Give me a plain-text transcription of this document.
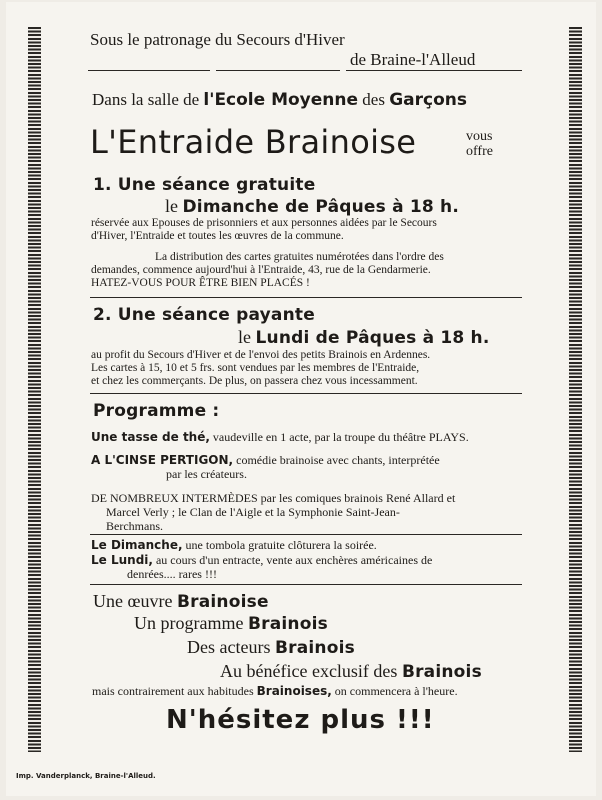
Sous le patronage du Secours d'Hiver
de Braine-l'Alleud
Dans la salle de l'Ecole Moyenne des Garçons
L'Entraide Brainoise	vous
offre
1. Une séance gratuite
le Dimanche de Pâques à 18 h.
réservée aux Epouses de prisonniers et aux personnes aidées par le Secours
d'Hiver, l'Entraide et toutes les œuvres de la commune.
La distribution des cartes gratuites numérotées dans l'ordre des
demandes, commence aujourd'hui à l'Entraide, 43, rue de la Gendarmerie.
HATEZ-VOUS POUR ÊTRE BIEN PLACÉS !
2. Une séance payante
le Lundi de Pâques à 18 h.
au profit du Secours d'Hiver et de l'envoi des petits Brainois en Ardennes.
Les cartes à 15, 10 et 5 frs. sont vendues par les membres de l'Entraide,
et chez les commerçants. De plus, on passera chez vous incessamment.
Programme :
Une tasse de thé, vaudeville en 1 acte, par la troupe du théâtre PLAYS.
A L'CINSE PERTIGON, comédie brainoise avec chants, interprétée
par les créateurs.
DE NOMBREUX INTERMÈDES par les comiques brainois René Allard et
Marcel Verly ; le Clan de l'Aigle et la Symphonie Saint-Jean-
Berchmans.
Le Dimanche, une tombola gratuite clôturera la soirée.
Le Lundi, au cours d'un entracte, vente aux enchères américaines de
denrées.... rares !!!
Une œuvre Brainoise
Un programme Brainois
Des acteurs Brainois
Au bénéfice exclusif des Brainois
mais contrairement aux habitudes Brainoises, on commencera à l'heure.
N'hésitez plus !!!
Imp. Vanderplanck, Braine-l'Alleud.
